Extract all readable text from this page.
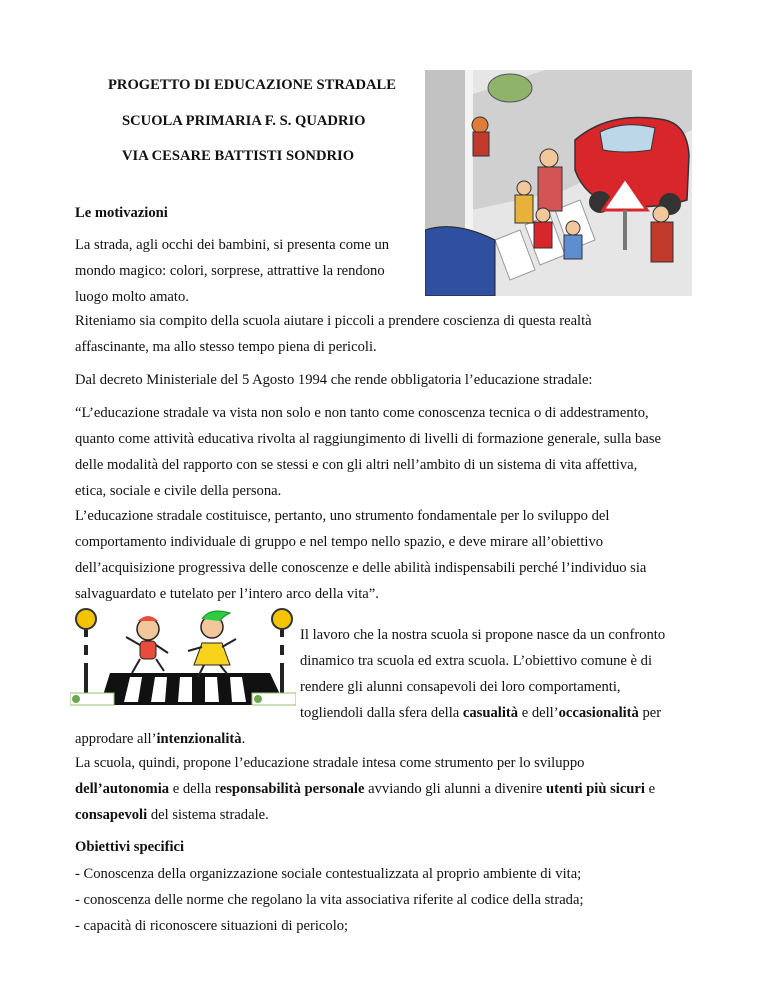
PROGETTO DI EDUCAZIONE STRADALE
SCUOLA PRIMARIA F. S. QUADRIO
VIA CESARE BATTISTI SONDRIO
Le motivazioni
La strada, agli occhi dei bambini, si presenta come un
mondo magico: colori, sorprese, attrattive la rendono
luogo molto amato.
Riteniamo sia compito della scuola aiutare i piccoli a prendere coscienza di questa realtà
affascinante, ma allo stesso tempo piena di pericoli.
Dal decreto Ministeriale del 5 Agosto 1994 che rende obbligatoria l’educazione stradale:
“L’educazione stradale va vista non solo e non tanto come conoscenza tecnica o di addestramento,
quanto come attività educativa rivolta al raggiungimento di livelli di formazione generale, sulla base
delle modalità del rapporto con se stessi e con gli altri nell’ambito di un sistema di vita affettiva,
etica, sociale e civile della persona.
L’educazione stradale costituisce, pertanto, uno strumento fondamentale per lo sviluppo del
comportamento individuale di gruppo e nel tempo nello spazio, e deve mirare all’obiettivo
dell’acquisizione progressiva delle conoscenze e delle abilità indispensabili perché l’individuo sia
salvaguardato e tutelato per l’intero arco della vita”.
Il lavoro che la nostra scuola si propone nasce da un confronto
dinamico tra scuola ed extra scuola. L’obiettivo comune è di
rendere gli alunni consapevoli dei loro comportamenti,
togliendoli dalla sfera della casualità e dell’occasionalità per
approdare all’intenzionalità.
La scuola, quindi, propone l’educazione stradale intesa come strumento per lo sviluppo
dell’autonomia e della responsabilità personale avviando gli alunni a divenire utenti più sicuri e
consapevoli del sistema stradale.
Obiettivi specifici
- Conoscenza della organizzazione sociale contestualizzata al proprio ambiente di vita;
- conoscenza delle norme che regolano la vita associativa riferite al codice della strada;
- capacità di riconoscere situazioni di pericolo;
